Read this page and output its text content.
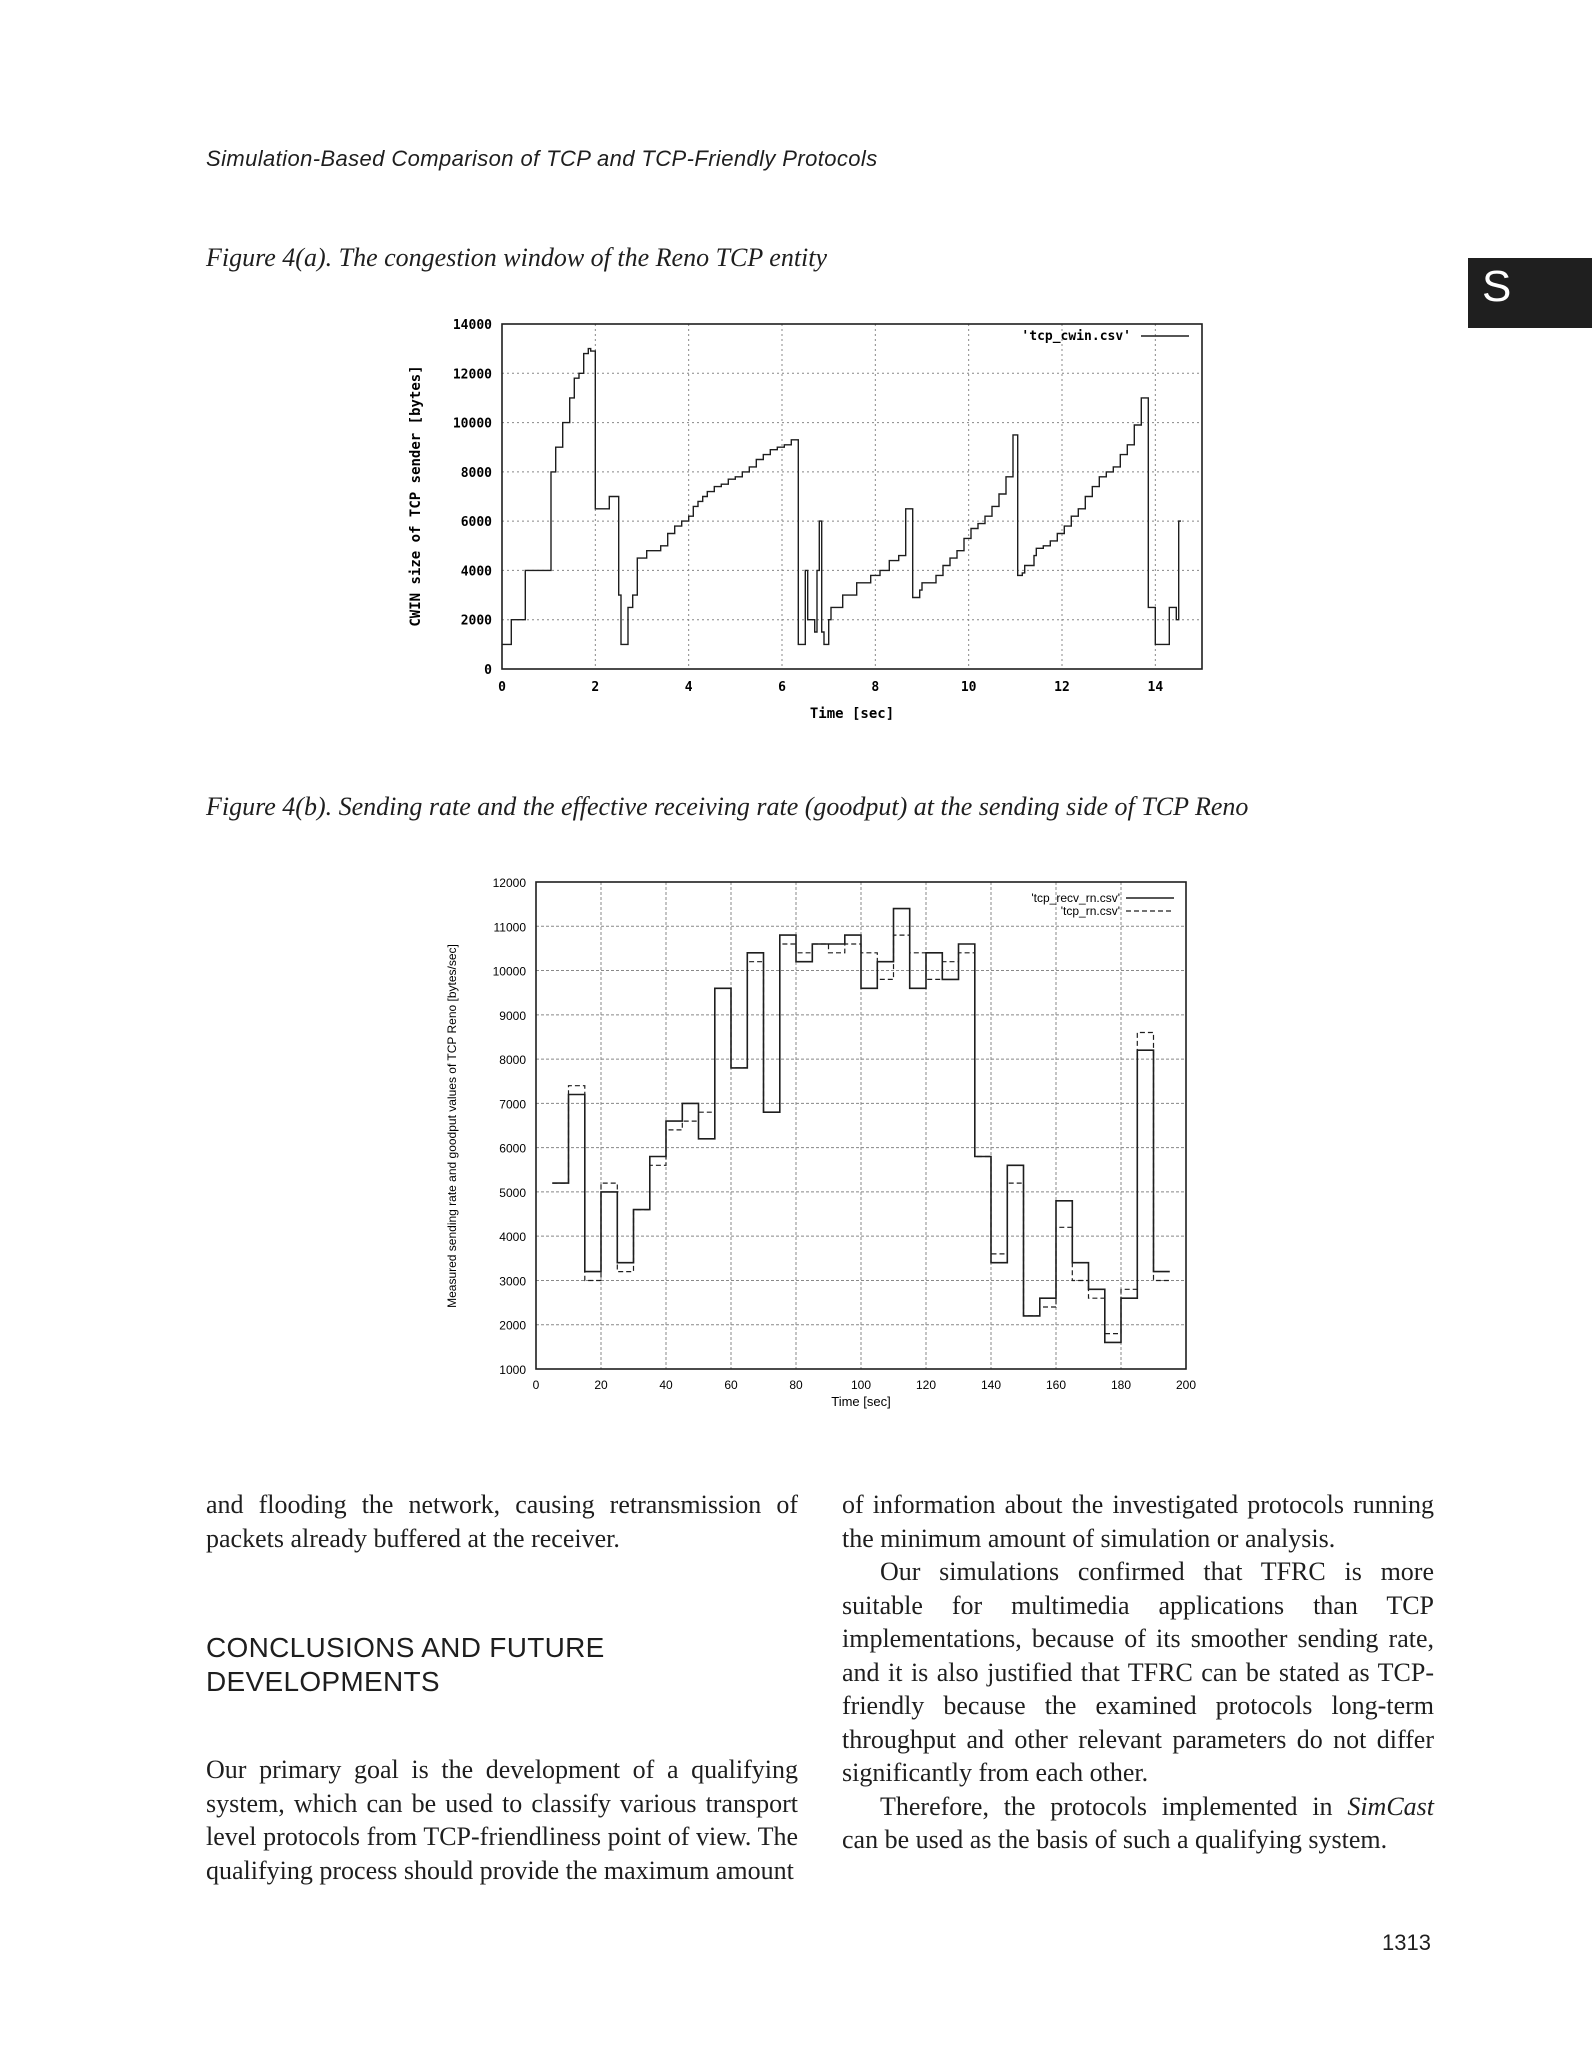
Simulation-Based Comparison of TCP and TCP-Friendly Protocols
S
Figure 4(a). The congestion window of the Reno TCP entity
0	2	4	6	8	10	12	14
0
2000
4000
6000
8000
10000
12000
14000
'tcp_cwin.csv'
Time [sec]
CWIN size of TCP sender [bytes]
Figure 4(b). Sending rate and the effective receiving rate (goodput) at the sending side of TCP Reno
0	20	40	60	80	100	120	140	160	180	200
1000
2000
3000
4000
5000
6000
7000
8000
9000
10000
11000
12000
'tcp_recv_rn.csv'
'tcp_rn.csv'
Time [sec]
Measured sending rate and goodput values of TCP Reno [bytes/sec]

and flooding the network, causing retransmission of packets already buffered at the receiver.

CONCLUSIONS AND FUTURE DEVELOPMENTS

Our primary goal is the development of a qualifying system, which can be used to classify various transport level protocols from TCP-friendliness point of view. The qualifying process should provide the maximum amount

of information about the investigated protocols running the minimum amount of simulation or analysis.

Our simulations confirmed that TFRC is more suitable for multimedia applications than TCP implementations, because of its smoother sending rate, and it is also justified that TFRC can be stated as TCP-friendly because the examined protocols long-term throughput and other relevant parameters do not differ significantly from each other.

Therefore, the protocols implemented in SimCast can be used as the basis of such a qualifying system.

1313
